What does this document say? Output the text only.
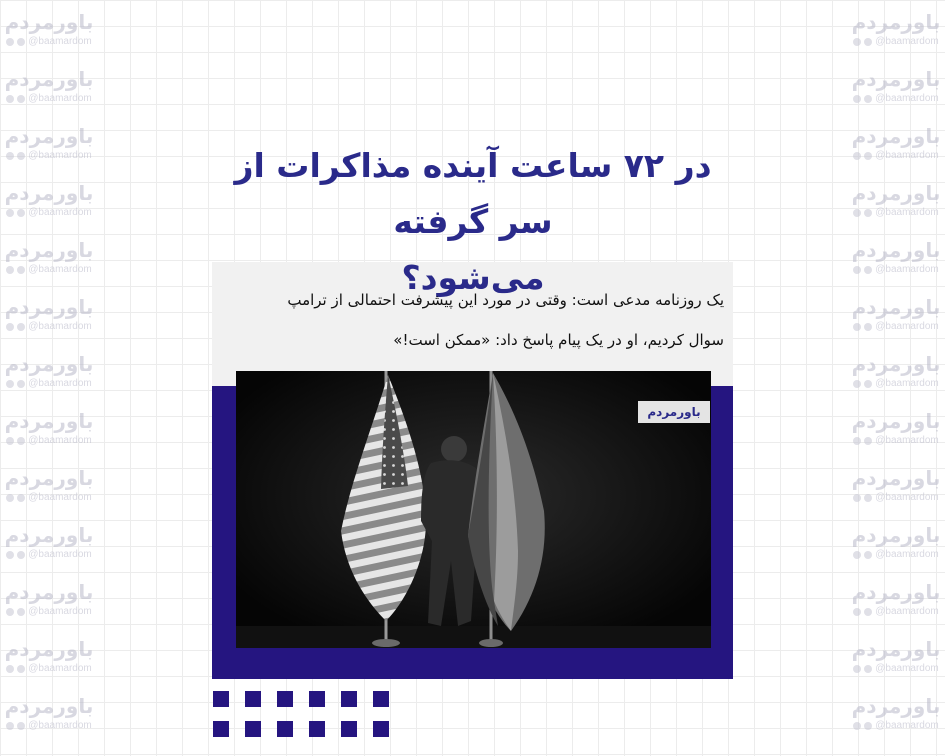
باورمردم
@baamardom
باورمردم
@baamardom
باورمردم
@baamardom
باورمردم
@baamardom
باورمردم
@baamardom
باورمردم
@baamardom
باورمردم
@baamardom
باورمردم
@baamardom
باورمردم
@baamardom
باورمردم
@baamardom
باورمردم
@baamardom
باورمردم
@baamardom
باورمردم
@baamardom
باورمردم
@baamardom
باورمردم
@baamardom
باورمردم
@baamardom
باورمردم
@baamardom
باورمردم
@baamardom
باورمردم
@baamardom
باورمردم
@baamardom
باورمردم
@baamardom
باورمردم
@baamardom
باورمردم
@baamardom
باورمردم
@baamardom
باورمردم
@baamardom
باورمردم
@baamardom
در ۷۲ ساعت آینده مذاکرات از سر گرفته
می‌شود؟
یک روزنامه مدعی است: وقتی در مورد این پیشرفت احتمالی از ترامپ
سوال کردیم، او در یک پیام پاسخ داد: «ممکن است!»
باورمردم
